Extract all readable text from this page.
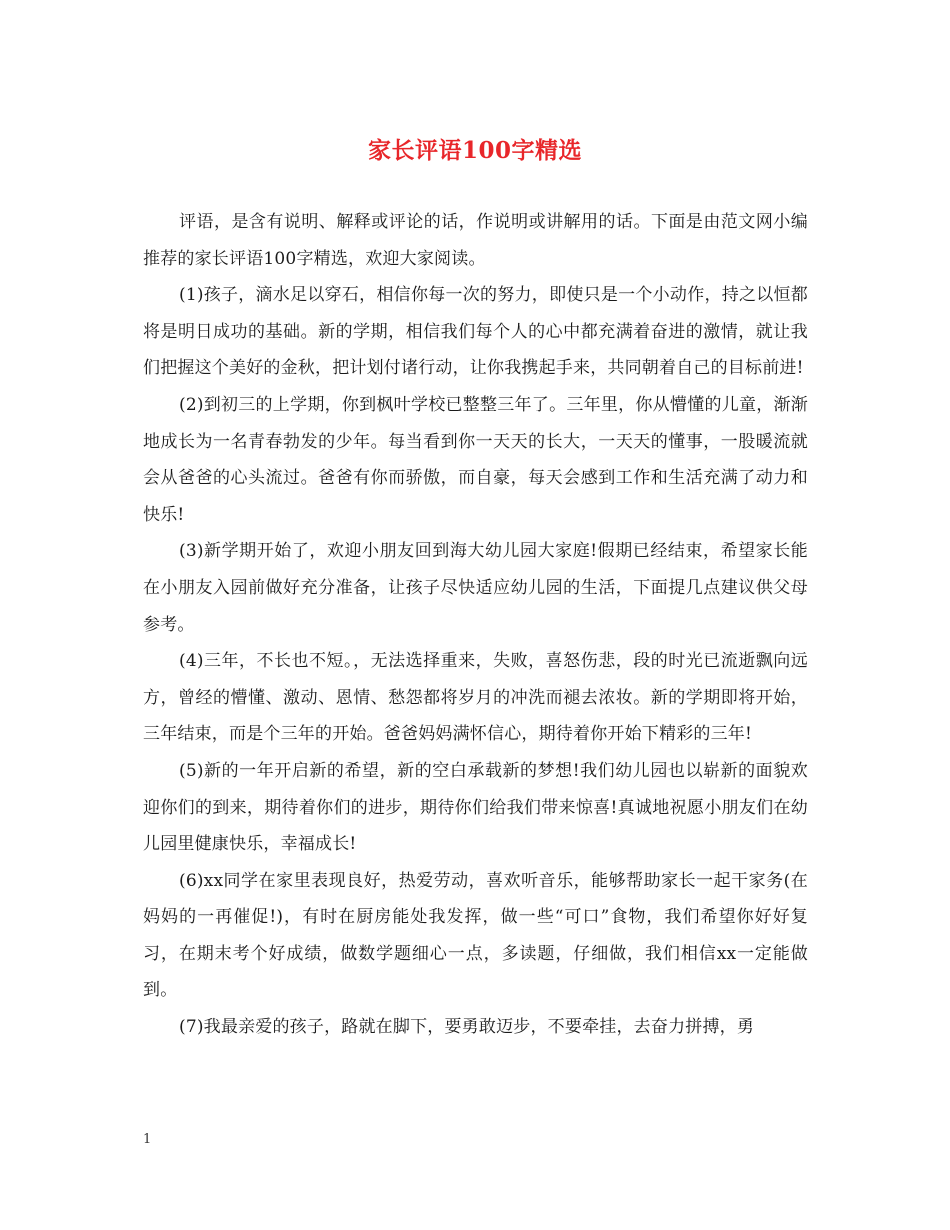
家长评语100字精选

评语，是含有说明、解释或评论的话，作说明或讲解用的话。下面是由范文网小编推荐的家长评语100字精选，欢迎大家阅读。

(1)孩子，滴水足以穿石，相信你每一次的努力，即使只是一个小动作，持之以恒都将是明日成功的基础。新的学期，相信我们每个人的心中都充满着奋进的激情，就让我们把握这个美好的金秋，把计划付诸行动，让你我携起手来，共同朝着自己的目标前进!

(2)到初三的上学期，你到枫叶学校已整整三年了。三年里，你从懵懂的儿童，渐渐地成长为一名青春勃发的少年。每当看到你一天天的长大，一天天的懂事，一股暖流就会从爸爸的心头流过。爸爸有你而骄傲，而自豪，每天会感到工作和生活充满了动力和快乐!

(3)新学期开始了，欢迎小朋友回到海大幼儿园大家庭!假期已经结束，希望家长能在小朋友入园前做好充分准备，让孩子尽快适应幼儿园的生活，下面提几点建议供父母参考。

(4)三年，不长也不短。，无法选择重来，失败，喜怒伤悲，段的时光已流逝飘向远方，曾经的懵懂、激动、恩情、愁怨都将岁月的冲洗而褪去浓妆。新的学期即将开始，三年结束，而是个三年的开始。爸爸妈妈满怀信心，期待着你开始下精彩的三年!

(5)新的一年开启新的希望，新的空白承载新的梦想!我们幼儿园也以崭新的面貌欢迎你们的到来，期待着你们的进步，期待你们给我们带来惊喜!真诚地祝愿小朋友们在幼儿园里健康快乐，幸福成长!

(6)xx同学在家里表现良好，热爱劳动，喜欢听音乐，能够帮助家长一起干家务(在妈妈的一再催促!)，有时在厨房能处我发挥，做一些“可口”食物，我们希望你好好复习，在期末考个好成绩，做数学题细心一点，多读题，仔细做，我们相信xx一定能做到。

(7)我最亲爱的孩子，路就在脚下，要勇敢迈步，不要牵挂，去奋力拼搏，勇

1
